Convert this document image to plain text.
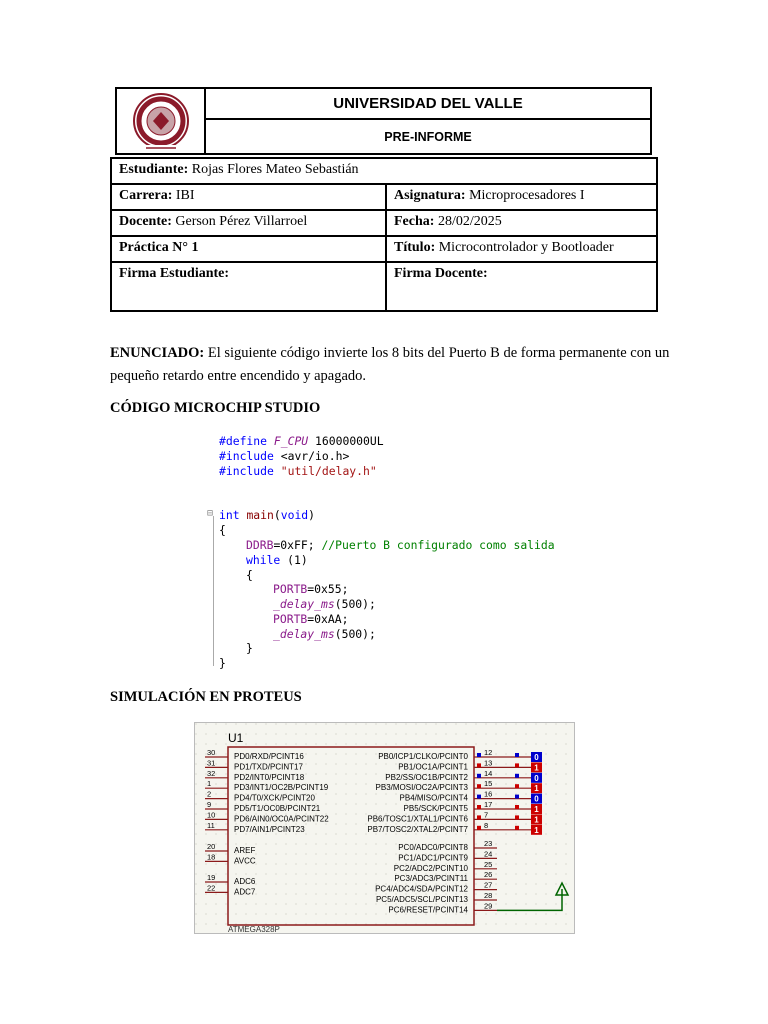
UNIVERSIDAD DEL VALLE
PRE-INFORME
Estudiante: Rojas Flores Mateo Sebastián
Carrera: IBI	Asignatura: Microprocesadores I
Docente: Gerson Pérez Villarroel	Fecha: 28/02/2025
Práctica N° 1	Título: Microcontrolador y Bootloader
Firma Estudiante:	Firma Docente:
ENUNCIADO: El siguiente código invierte los 8 bits del Puerto B de forma permanente con un
pequeño retardo entre encendido y apagado.
CÓDIGO MICROCHIP STUDIO
#define F_CPU 16000000UL
#include <avr/io.h>
#include "util/delay.h"
⊟ int main(void)
{
DDRB=0xFF; //Puerto B configurado como salida
while (1)
{
PORTB=0x55;
_delay_ms(500);
PORTB=0xAA;
_delay_ms(500);
}
}
SIMULACIÓN EN PROTEUS
U1
ATMEGA328P
30 PD0/RXD/PCINT16
31 PD1/TXD/PCINT17
32 PD2/INT0/PCINT18
1	PD3/INT1/OC2B/PCINT19
2	PD4/T0/XCK/PCINT20
9	PD5/T1/OC0B/PCINT21
10 PD6/AIN0/OC0A/PCINT22
11 PD7/AIN1/PCINT23
20 AREF
18 AVCC
19 ADC6
22 ADC7
12
PB0/ICP1/CLKO/PCINT0	0
13
PB1/OC1A/PCINT1	1
14
PB2/SS/OC1B/PCINT2	0
15
PB3/MOSI/OC2A/PCINT3	1
16
PB4/MISO/PCINT4	0
17
PB5/SCK/PCINT5	1
7
PB6/TOSC1/XTAL1/PCINT6	1
8
PB7/TOSC2/XTAL2/PCINT7	1
23
PC0/ADC0/PCINT8
24
PC1/ADC1/PCINT9
25
PC2/ADC2/PCINT10
26
PC3/ADC3/PCINT11
27
PC4/ADC4/SDA/PCINT12
28
PC5/ADC5/SCL/PCINT13
29
PC6/RESET/PCINT14
